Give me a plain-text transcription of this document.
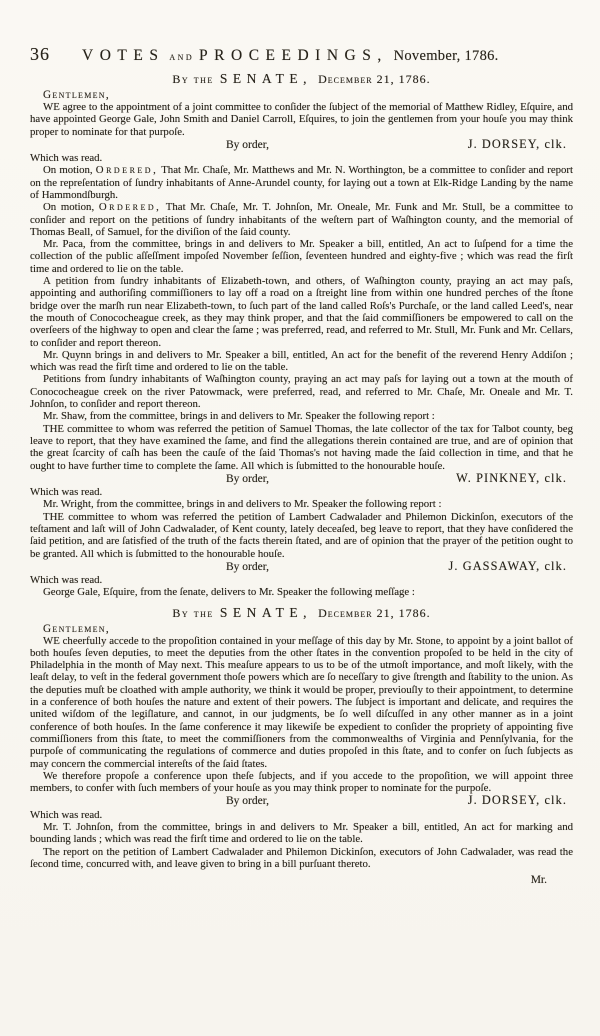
36 VOTES and PROCEEDINGS, November, 1786.
By the SENATE, December 21, 1786.
Gentlemen,

WE agree to the appointment of a joint committee to conſider the ſubject of the memorial of Matthew Ridley, Eſquire, and have appointed George Gale, John Smith and Daniel Carroll, Eſquires, to join the gentlemen from your houſe you may think proper to nominate for that purpoſe.

By order,	J. DORSEY, clk.

Which was read.

On motion, Ordered, That Mr. Chaſe, Mr. Matthews and Mr. N. Worthington, be a committee to conſider and report on the repreſentation of ſundry inhabitants of Anne-Arundel county, for laying out a town at Elk-Ridge Landing by the name of Hammondſburgh.

On motion, Ordered, That Mr. Chaſe, Mr. T. Johnſon, Mr. Oneale, Mr. Funk and Mr. Stull, be a committee to conſider and report on the petitions of ſundry inhabitants of the weſtern part of Waſhington county, and the memorial of Thomas Beall, of Samuel, for the diviſion of the ſaid county.

Mr. Paca, from the committee, brings in and delivers to Mr. Speaker a bill, entitled, An act to ſuſpend for a time the collection of the public aſſeſſment impoſed November ſeſſion, ſeventeen hundred and eighty-five ; which was read the firſt time and ordered to lie on the table.

A petition from ſundry inhabitants of Elizabeth-town, and others, of Waſhington county, praying an act may paſs, appointing and authoriſing commiſſioners to lay off a road on a ſtreight line from within one hundred perches of the ſtone bridge over the marſh run near Elizabeth-town, to ſuch part of the land called Roſs's Purchaſe, or the land called Leed's, near the mouth of Conococheague creek, as they may think proper, and that the ſaid commiſſioners be empowered to call on the overſeers of the highway to open and clear the ſame ; was preferred, read, and referred to Mr. Stull, Mr. Funk and Mr. Cellars, to conſider and report thereon.

Mr. Quynn brings in and delivers to Mr. Speaker a bill, entitled, An act for the benefit of the reverend Henry Addiſon ; which was read the firſt time and ordered to lie on the table.

Petitions from ſundry inhabitants of Waſhington county, praying an act may paſs for laying out a town at the mouth of Conococheague creek on the river Patowmack, were preferred, read, and referred to Mr. Chaſe, Mr. Oneale and Mr. T. Johnſon, to conſider and report thereon.

Mr. Shaw, from the committee, brings in and delivers to Mr. Speaker the following report :

THE committee to whom was referred the petition of Samuel Thomas, the late collector of the tax for Talbot county, beg leave to report, that they have examined the ſame, and find the allegations therein contained are true, and are of opinion that the great ſcarcity of caſh has been the cauſe of the ſaid Thomas's not having made the ſaid collection in time, and that he ought to have further time to complete the ſame. All which is ſubmitted to the honourable houſe.

By order,	W. PINKNEY, clk.

Which was read.

Mr. Wright, from the committee, brings in and delivers to Mr. Speaker the following report :

THE committee to whom was referred the petition of Lambert Cadwalader and Philemon Dickinſon, executors of the teſtament and laſt will of John Cadwalader, of Kent county, lately deceaſed, beg leave to report, that they have conſidered the ſaid petition, and are ſatisfied of the truth of the facts therein ſtated, and are of opinion that the prayer of the petition ought to be granted. All which is ſubmitted to the honourable houſe.

By order,	J. GASSAWAY, clk.

Which was read.

George Gale, Eſquire, from the ſenate, delivers to Mr. Speaker the following meſſage :

By the SENATE, December 21, 1786.
Gentlemen,

WE cheerfully accede to the propoſition contained in your meſſage of this day by Mr. Stone, to appoint by a joint ballot of both houſes ſeven deputies, to meet the deputies from the other ſtates in the convention propoſed to be held in the city of Philadelphia in the month of May next. This meaſure appears to us to be of the utmoſt importance, and moſt likely, with the leaſt delay, to veſt in the federal government thoſe powers which are ſo neceſſary to give ſtrength and ſtability to the union. As the deputies muſt be cloathed with ample authority, we think it would be proper, previouſly to their appointment, to determine in a conference of both houſes the nature and extent of their powers. The ſubject is important and delicate, and requires the united wiſdom of the legiſlature, and cannot, in our judgments, be ſo well diſcuſſed in any other manner as in a joint conference of both houſes. In the ſame conference it may likewiſe be expedient to conſider the propriety of appointing five commiſſioners from this ſtate, to meet the commiſſioners from the commonwealths of Virginia and Pennſylvania, for the purpoſe of communicating the regulations of commerce and duties propoſed in this ſtate, and to confer on ſuch ſubjects as may concern the commercial intereſts of the ſaid ſtates.

We therefore propoſe a conference upon theſe ſubjects, and if you accede to the propoſition, we will appoint three members, to confer with ſuch members of your houſe as you may think proper to nominate for the purpoſe.

By order,	J. DORSEY, clk.

Which was read.

Mr. T. Johnſon, from the committee, brings in and delivers to Mr. Speaker a bill, entitled, An act for marking and bounding lands ; which was read the firſt time and ordered to lie on the table.

The report on the petition of Lambert Cadwalader and Philemon Dickinſon, executors of John Cadwalader, was read the ſecond time, concurred with, and leave given to bring in a bill purſuant thereto.

Mr.
